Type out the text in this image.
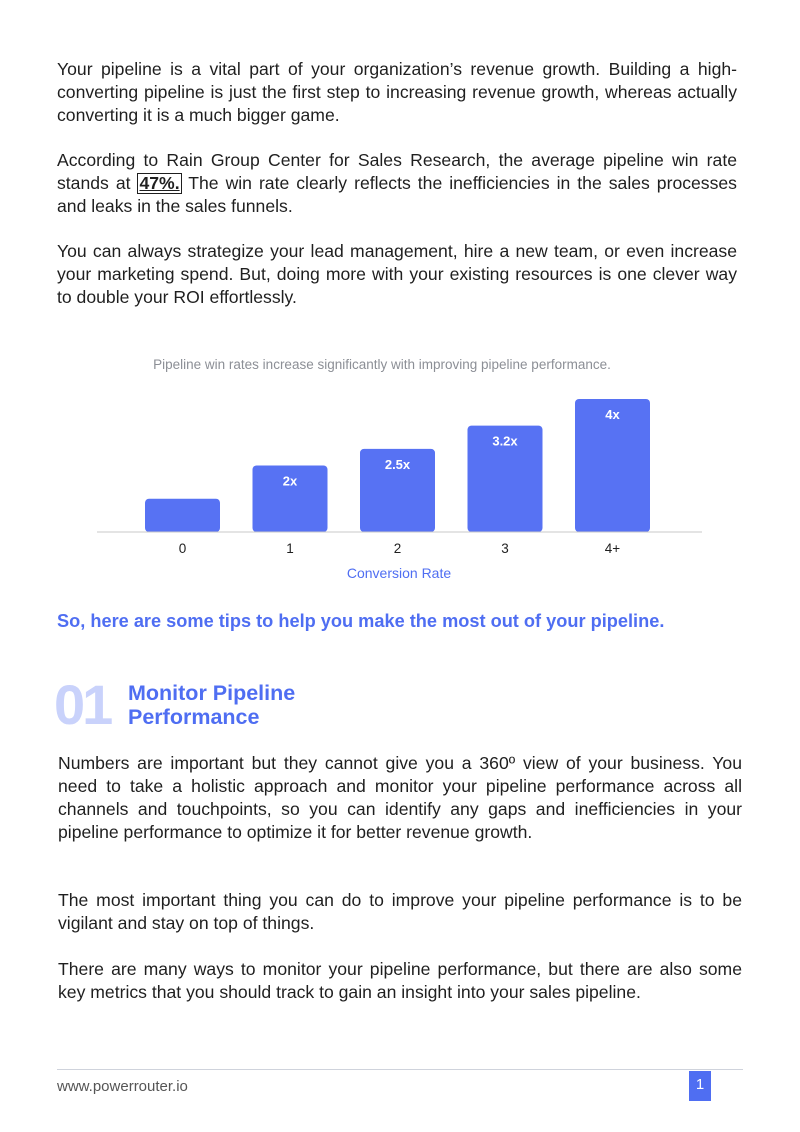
Your pipeline is a vital part of your organization’s revenue growth. Building a high-converting pipeline is just the first step to increasing revenue growth, whereas actually converting it is a much bigger game.

According to Rain Group Center for Sales Research, the average pipeline win rate stands at 47%. The win rate clearly reflects the inefficiencies in the sales processes and leaks in the sales funnels.

You can always strategize your lead management, hire a new team, or even increase your marketing spend. But, doing more with your existing resources is one clever way to double your ROI effortlessly.

Pipeline win rates increase significantly with improving pipeline performance.
2x
2.5x
3.2x
4x
0	1	2	3	4+
Conversion Rate

So, here are some tips to help you make the most out of your pipeline.

01 Monitor Pipeline Performance

Numbers are important but they cannot give you a 360º view of your business. You need to take a holistic approach and monitor your pipeline performance across all channels and touchpoints, so you can identify any gaps and inefficiencies in your pipeline performance to optimize it for better revenue growth.

The most important thing you can do to improve your pipeline performance is to be vigilant and stay on top of things.

There are many ways to monitor your pipeline performance, but there are also some key metrics that you should track to gain an insight into your sales pipeline.

www.powerrouter.io	1
